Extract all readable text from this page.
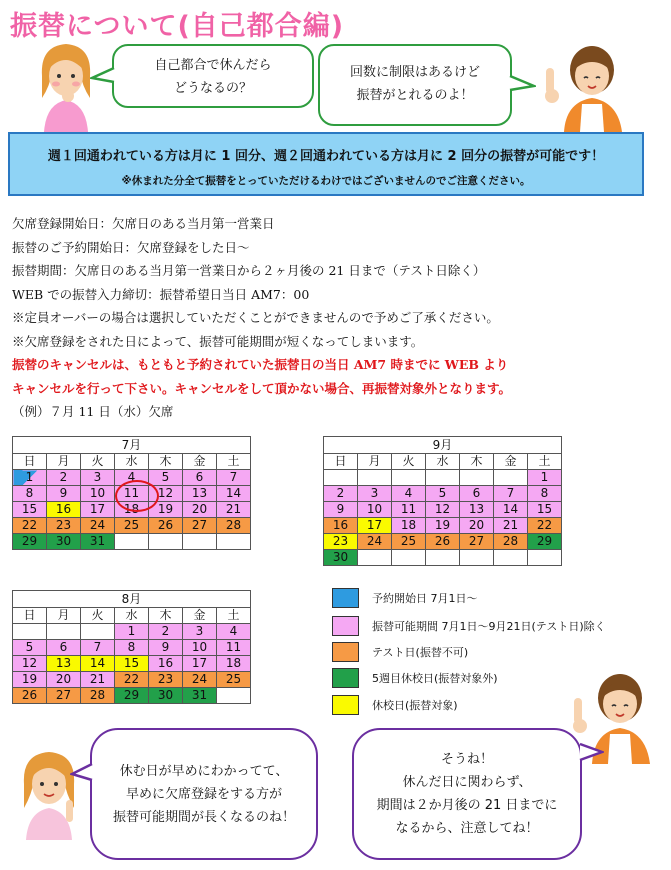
振替について(自己都合編)
自己都合で休んだら
どうなるの？
回数に制限はあるけど
振替がとれるのよ！
週１回通われている方は月に 1 回分、週２回通われている方は月に 2 回分の振替が可能です！
※休まれた分全て振替をとっていただけるわけではございませんのでご注意ください。
欠席登録開始日：欠席日のある当月第一営業日
振替のご予約開始日：欠席登録をした日～
振替期間：欠席日のある当月第一営業日から２ヶ月後の 21 日まで（テスト日除く）
WEB での振替入力締切：振替希望日当日 AM7：00
※定員オーバーの場合は選択していただくことができませんので予めご了承ください。
※欠席登録をされた日によって、振替可能期間が短くなってしまいます。
振替のキャンセルは、もともと予約されていた振替日の当日 AM7 時までに WEB より
キャンセルを行って下さい。キャンセルをして頂かない場合、再振替対象外となります。
（例）７月 11 日（水）欠席
7月						
日	月	火	水	木	金	土
1	2	3	4	5	6	7
8	9	10	11	12	13	14
15	16	17	18	19	20	21
22	23	24	25	26	27	28
29	30	31				
8月						
日	月	火	水	木	金	土
			1	2	3	4
5	6	7	8	9	10	11
12	13	14	15	16	17	18
19	20	21	22	23	24	25
26	27	28	29	30	31	
9月						
日	月	火	水	木	金	土
						1
2	3	4	5	6	7	8
9	10	11	12	13	14	15
16	17	18	19	20	21	22
23	24	25	26	27	28	29
30						
予約開始日 7月1日～
振替可能期間 7月1日～9月21日(テスト日)除く
テスト日(振替不可)
5週目休校日(振替対象外)
休校日(振替対象)
休む日が早めにわかってて、
早めに欠席登録をする方が
振替可能期間が長くなるのね！
そうね！
休んだ日に関わらず、
期間は２か月後の 21 日までに
なるから、注意してね！
